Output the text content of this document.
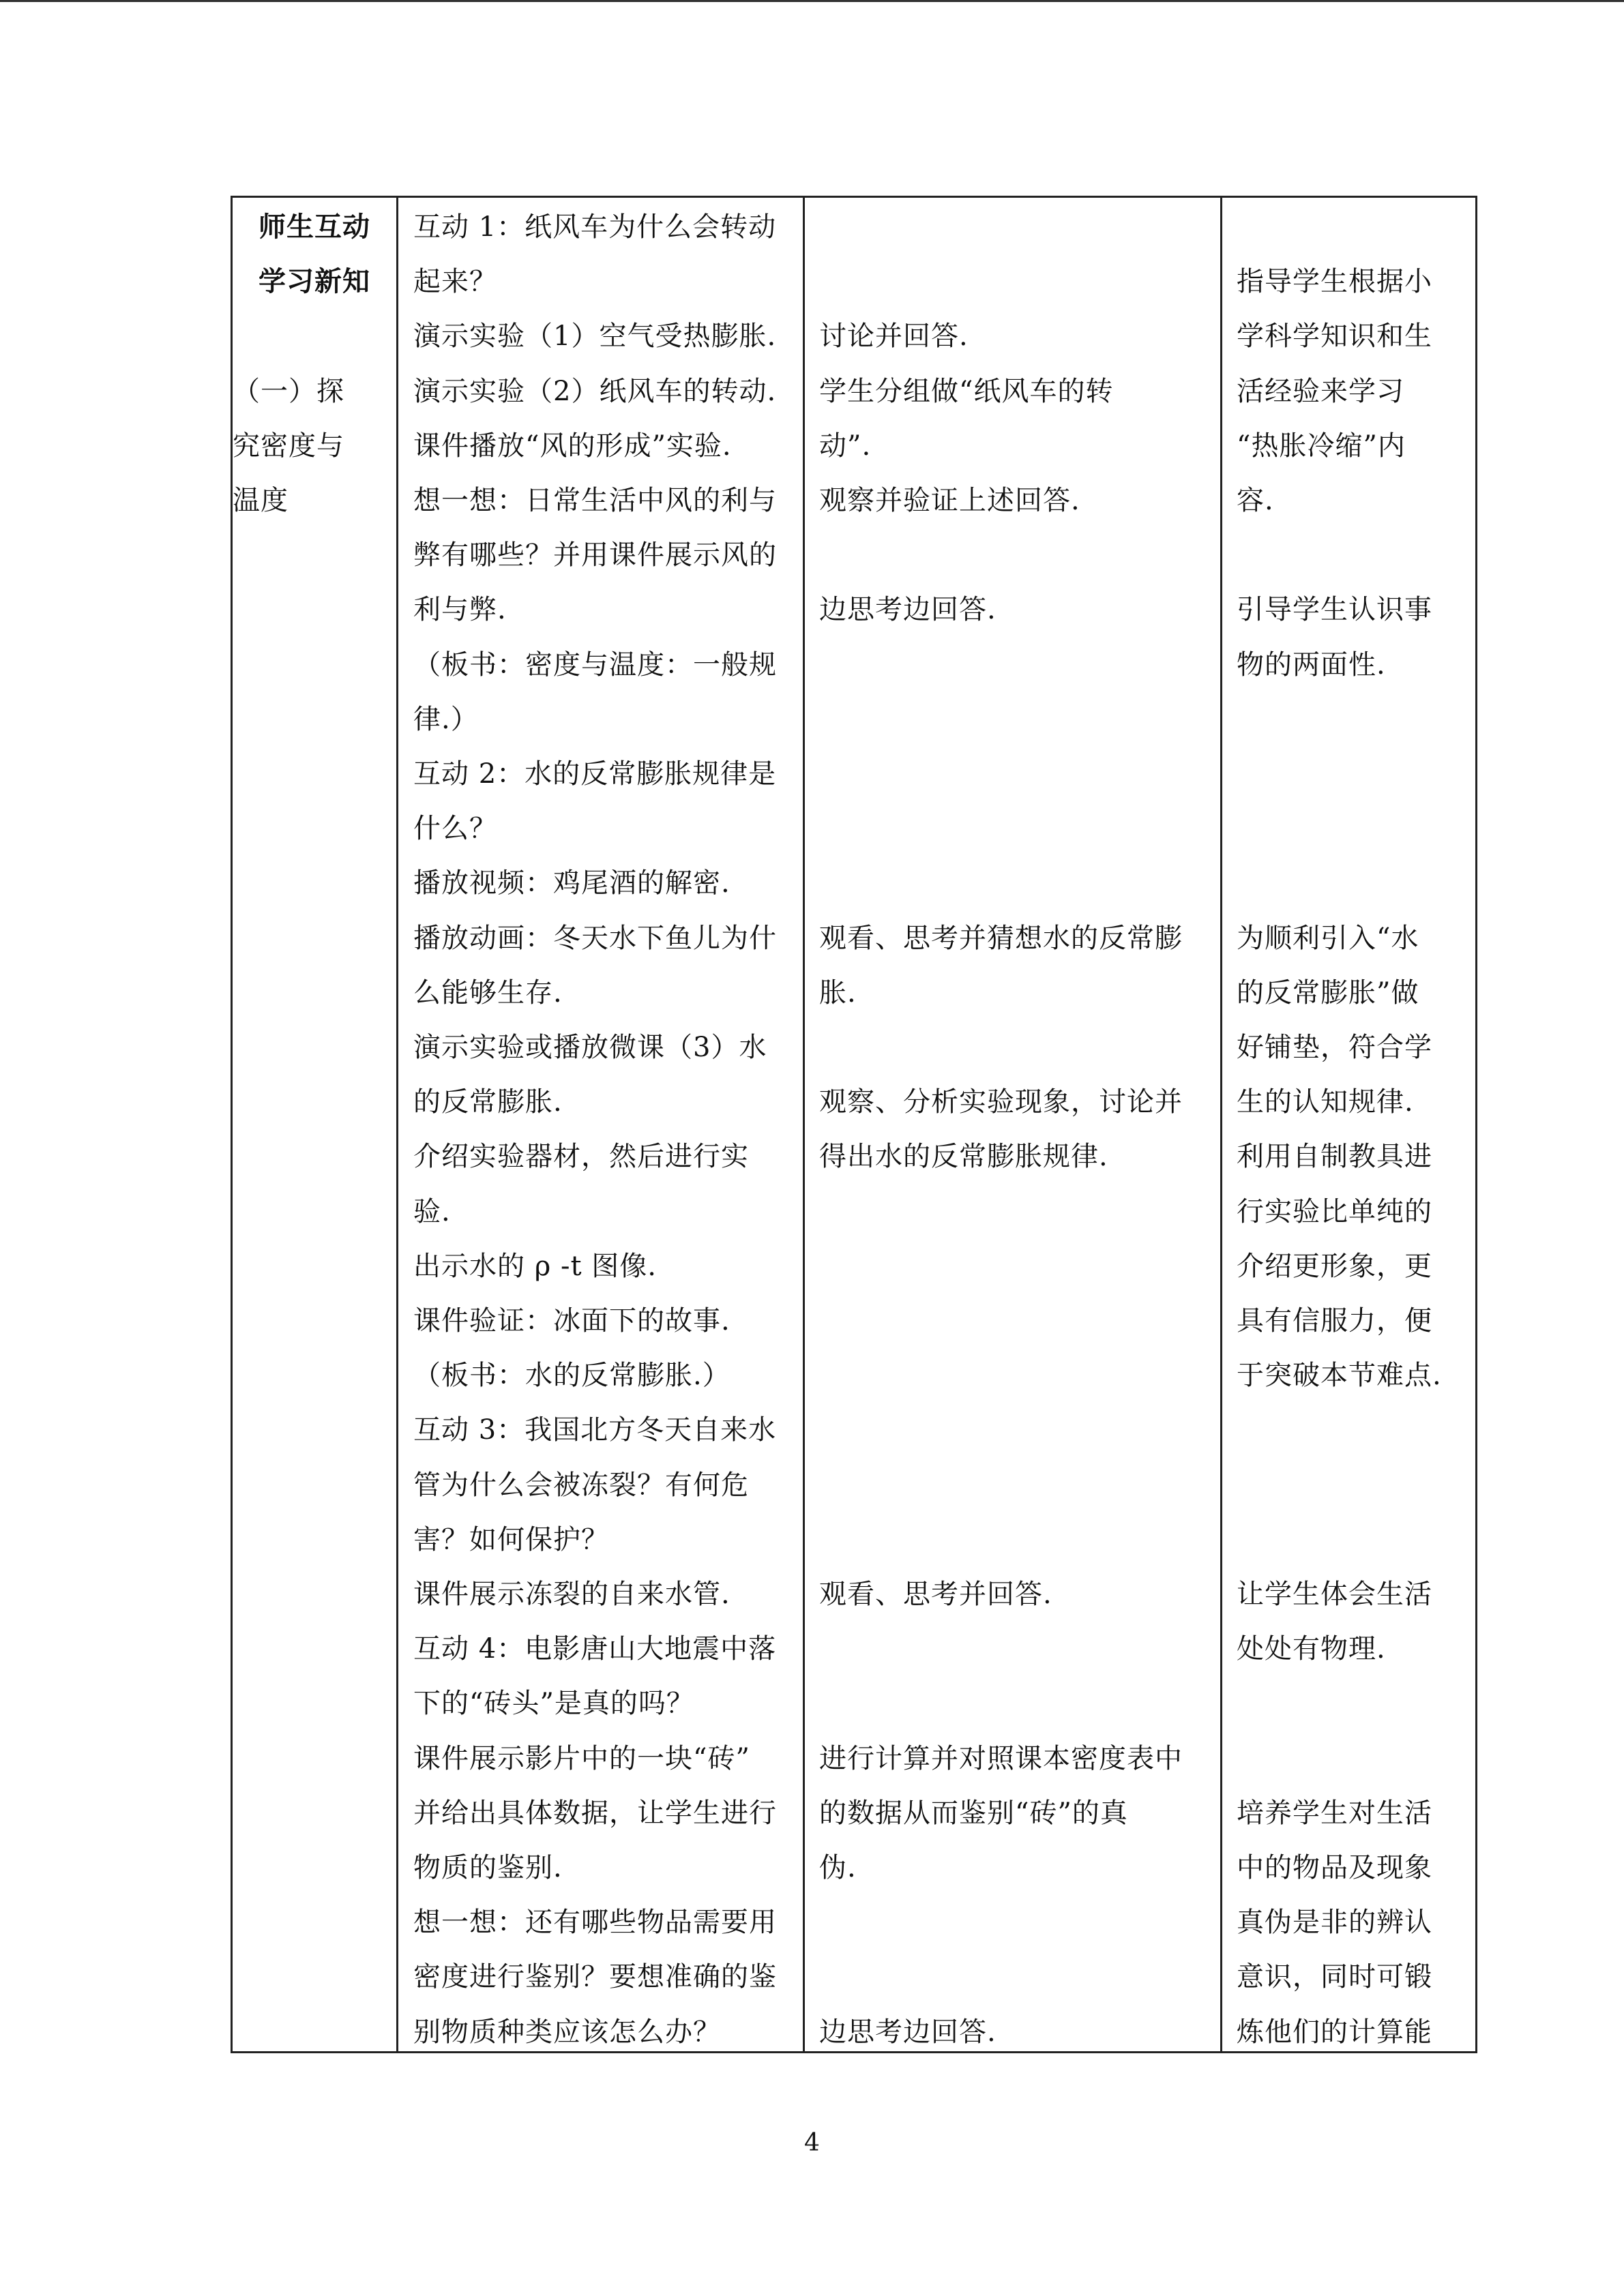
师生互动
学习新知
（一）探
究密度与
温度
互动 1：纸风车为什么会转动
起来？
演示实验（1）空气受热膨胀.
演示实验（2）纸风车的转动.
课件播放“风的形成”实验.
想一想：日常生活中风的利与
弊有哪些？并用课件展示风的
利与弊.
（板书：密度与温度：一般规
律.）
互动 2：水的反常膨胀规律是
什么？
播放视频：鸡尾酒的解密.
播放动画：冬天水下鱼儿为什
么能够生存.
演示实验或播放微课（3）水
的反常膨胀.
介绍实验器材，然后进行实
验.
出示水的 ρ -t 图像.
课件验证：冰面下的故事.
（板书：水的反常膨胀.）
互动 3：我国北方冬天自来水
管为什么会被冻裂？有何危
害？如何保护？
课件展示冻裂的自来水管.
互动 4：电影唐山大地震中落
下的“砖头”是真的吗？
课件展示影片中的一块“砖”
并给出具体数据，让学生进行
物质的鉴别.
想一想：还有哪些物品需要用
密度进行鉴别？要想准确的鉴
别物质种类应该怎么办？
讨论并回答.
学生分组做“纸风车的转
动”.
观察并验证上述回答.
边思考边回答.
观看、思考并猜想水的反常膨
胀.
观察、分析实验现象，讨论并
得出水的反常膨胀规律.
观看、思考并回答.
进行计算并对照课本密度表中
的数据从而鉴别“砖”的真
伪.
边思考边回答.
指导学生根据小
学科学知识和生
活经验来学习
“热胀冷缩”内
容.
引导学生认识事
物的两面性.
为顺利引入“水
的反常膨胀”做
好铺垫，符合学
生的认知规律.
利用自制教具进
行实验比单纯的
介绍更形象，更
具有信服力，便
于突破本节难点.
让学生体会生活
处处有物理.
培养学生对生活
中的物品及现象
真伪是非的辨认
意识，同时可锻
炼他们的计算能
4
